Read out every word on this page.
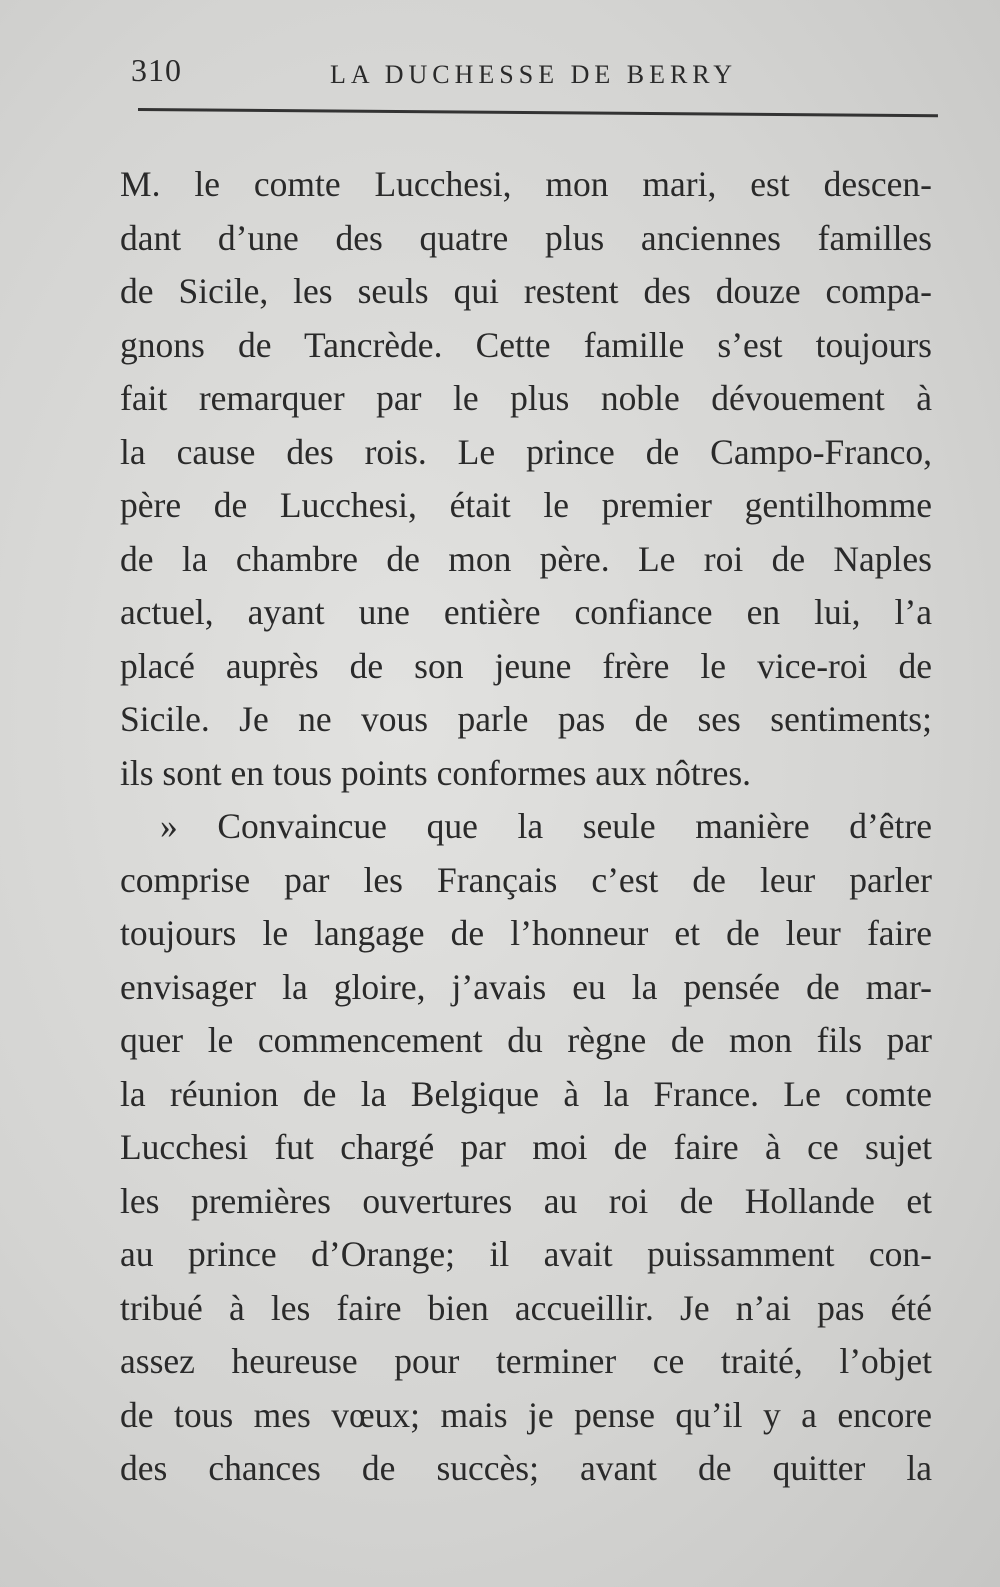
310	LA DUCHESSE DE BERRY
M. le comte Lucchesi, mon mari, est descen-
dant d’une des quatre plus anciennes familles
de Sicile, les seuls qui restent des douze compa-
gnons de Tancrède. Cette famille s’est toujours
fait remarquer par le plus noble dévouement à
la cause des rois. Le prince de Campo-Franco,
père de Lucchesi, était le premier gentilhomme
de la chambre de mon père. Le roi de Naples
actuel, ayant une entière confiance en lui, l’a
placé auprès de son jeune frère le vice-roi de
Sicile. Je ne vous parle pas de ses sentiments;
ils sont en tous points conformes aux nôtres.
» Convaincue que la seule manière d’être
comprise par les Français c’est de leur parler
toujours le langage de l’honneur et de leur faire
envisager la gloire, j’avais eu la pensée de mar-
quer le commencement du règne de mon fils par
la réunion de la Belgique à la France. Le comte
Lucchesi fut chargé par moi de faire à ce sujet
les premières ouvertures au roi de Hollande et
au prince d’Orange; il avait puissamment con-
tribué à les faire bien accueillir. Je n’ai pas été
assez heureuse pour terminer ce traité, l’objet
de tous mes vœux; mais je pense qu’il y a encore
des chances de succès; avant de quitter la
